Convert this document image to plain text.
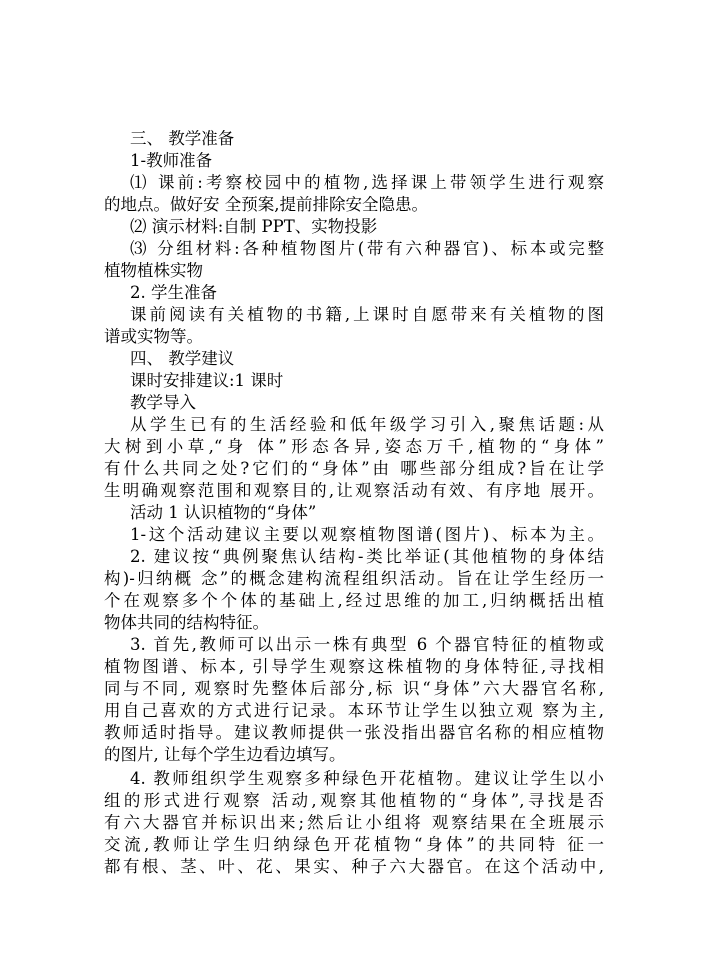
三、 教学准备
1-教师准备
⑴ 课前:考察校园中的植物,选择课上带领学生进行观察
的地点。做好安 全预案,提前排除安全隐患。
⑵ 演示材料:自制 PPT、实物投影
⑶ 分组材料:各种植物图片(带有六种器官)、标本或完整
植物植株实物
2. 学生准备
课前阅读有关植物的书籍,上课时自愿带来有关植物的图
谱或实物等。
四、 教学建议
课时安排建议:1 课时
教学导入
从学生已有的生活经验和低年级学习引入,聚焦话题:从
大树到小草,“身 体”形态各异,姿态万千,植物的“身体”
有什么共同之处?它们的“身体”由 哪些部分组成?旨在让学
生明确观察范围和观察目的,让观察活动有效、有序地 展开。
活动 1 认识植物的“身体”
1-这个活动建议主要以观察植物图谱(图片)、标本为主。
2. 建议按“典例聚焦认结构-类比举证(其他植物的身体结
构)-归纳概 念”的概念建构流程组织活动。旨在让学生经历一
个在观察多个个体的基础上,经过思维的加工,归纳概括出植
物体共同的结构特征。
3. 首先,教师可以出示一株有典型 6 个器官特征的植物或
植物图谱、标本, 引导学生观察这株植物的身体特征,寻找相
同与不同, 观察时先整体后部分,标 识“身体”六大器官名称,
用自己喜欢的方式进行记录。本环节让学生以独立观 察为主,
教师适时指导。建议教师提供一张没指出器官名称的相应植物
的图片, 让每个学生边看边填写。
4. 教师组织学生观察多种绿色开花植物。建议让学生以小
组的形式进行观察 活动,观察其他植物的“身体”,寻找是否
有六大器官并标识出来;然后让小组将 观察结果在全班展示
交流,教师让学生归纳绿色开花植物“身体”的共同特 征一
都有根、茎、叶、花、果实、种子六大器官。在这个活动中,
